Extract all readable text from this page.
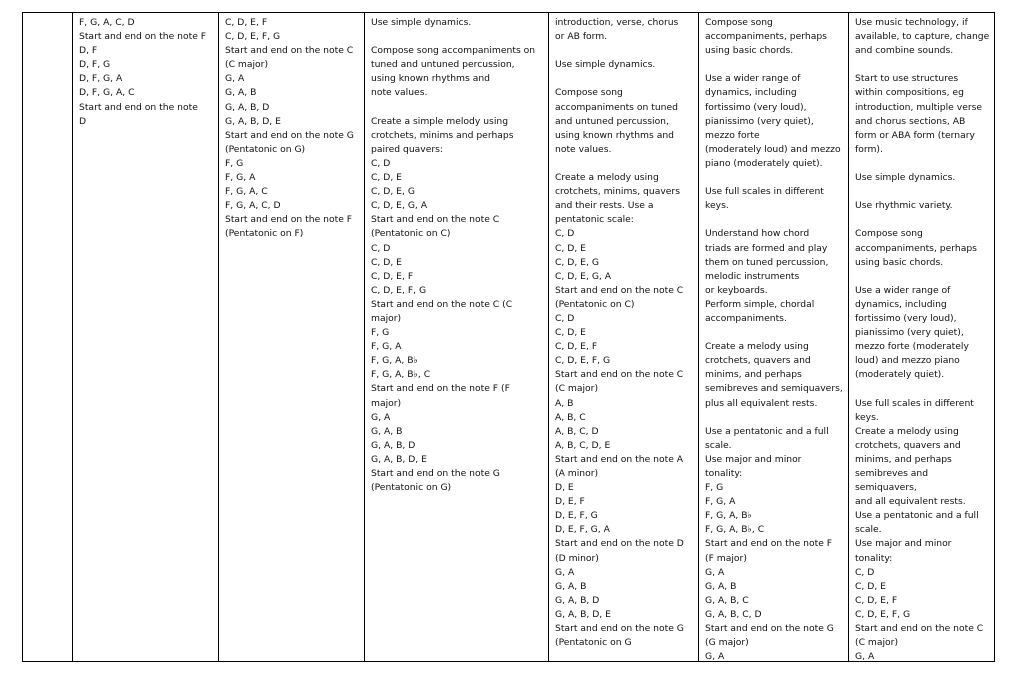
F, G, A, C, D
Start and end on the note F
D, F
D, F, G
D, F, G, A
D, F, G, A, C
Start and end on the note
D
C, D, E, F
C, D, E, F, G
Start and end on the note C
(C major)
G, A
G, A, B
G, A, B, D
G, A, B, D, E
Start and end on the note G
(Pentatonic on G)
F, G
F, G, A
F, G, A, C
F, G, A, C, D
Start and end on the note F
(Pentatonic on F)
Use simple dynamics.
Compose song accompaniments on
tuned and untuned percussion,
using known rhythms and
note values.
Create a simple melody using
crotchets, minims and perhaps
paired quavers:
C, D
C, D, E
C, D, E, G
C, D, E, G, A
Start and end on the note C
(Pentatonic on C)
C, D
C, D, E
C, D, E, F
C, D, E, F, G
Start and end on the note C (C
major)
F, G
F, G, A
F, G, A, B♭
F, G, A, B♭, C
Start and end on the note F (F
major)
G, A
G, A, B
G, A, B, D
G, A, B, D, E
Start and end on the note G
(Pentatonic on G)
introduction, verse, chorus
or AB form.
Use simple dynamics.
Compose song
accompaniments on tuned
and untuned percussion,
using known rhythms and
note values.
Create a melody using
crotchets, minims, quavers
and their rests. Use a
pentatonic scale:
C, D
C, D, E
C, D, E, G
C, D, E, G, A
Start and end on the note C
(Pentatonic on C)
C, D
C, D, E
C, D, E, F
C, D, E, F, G
Start and end on the note C
(C major)
A, B
A, B, C
A, B, C, D
A, B, C, D, E
Start and end on the note A
(A minor)
D, E
D, E, F
D, E, F, G
D, E, F, G, A
Start and end on the note D
(D minor)
G, A
G, A, B
G, A, B, D
G, A, B, D, E
Start and end on the note G
(Pentatonic on G
Compose song
accompaniments, perhaps
using basic chords.
Use a wider range of
dynamics, including
fortissimo (very loud),
pianissimo (very quiet),
mezzo forte
(moderately loud) and mezzo
piano (moderately quiet).
Use full scales in different
keys.
Understand how chord
triads are formed and play
them on tuned percussion,
melodic instruments
or keyboards.
Perform simple, chordal
accompaniments.
Create a melody using
crotchets, quavers and
minims, and perhaps
semibreves and semiquavers,
plus all equivalent rests.
Use a pentatonic and a full
scale.
Use major and minor
tonality:
F, G
F, G, A
F, G, A, B♭
F, G, A, B♭, C
Start and end on the note F
(F major)
G, A
G, A, B
G, A, B, C
G, A, B, C, D
Start and end on the note G
(G major)
G, A
Use music technology, if
available, to capture, change
and combine sounds.
Start to use structures
within compositions, eg
introduction, multiple verse
and chorus sections, AB
form or ABA form (ternary
form).
Use simple dynamics.
Use rhythmic variety.
Compose song
accompaniments, perhaps
using basic chords.
Use a wider range of
dynamics, including
fortissimo (very loud),
pianissimo (very quiet),
mezzo forte (moderately
loud) and mezzo piano
(moderately quiet).
Use full scales in different
keys.
Create a melody using
crotchets, quavers and
minims, and perhaps
semibreves and
semiquavers,
and all equivalent rests.
Use a pentatonic and a full
scale.
Use major and minor
tonality:
C, D
C, D, E
C, D, E, F
C, D, E, F, G
Start and end on the note C
(C major)
G, A
